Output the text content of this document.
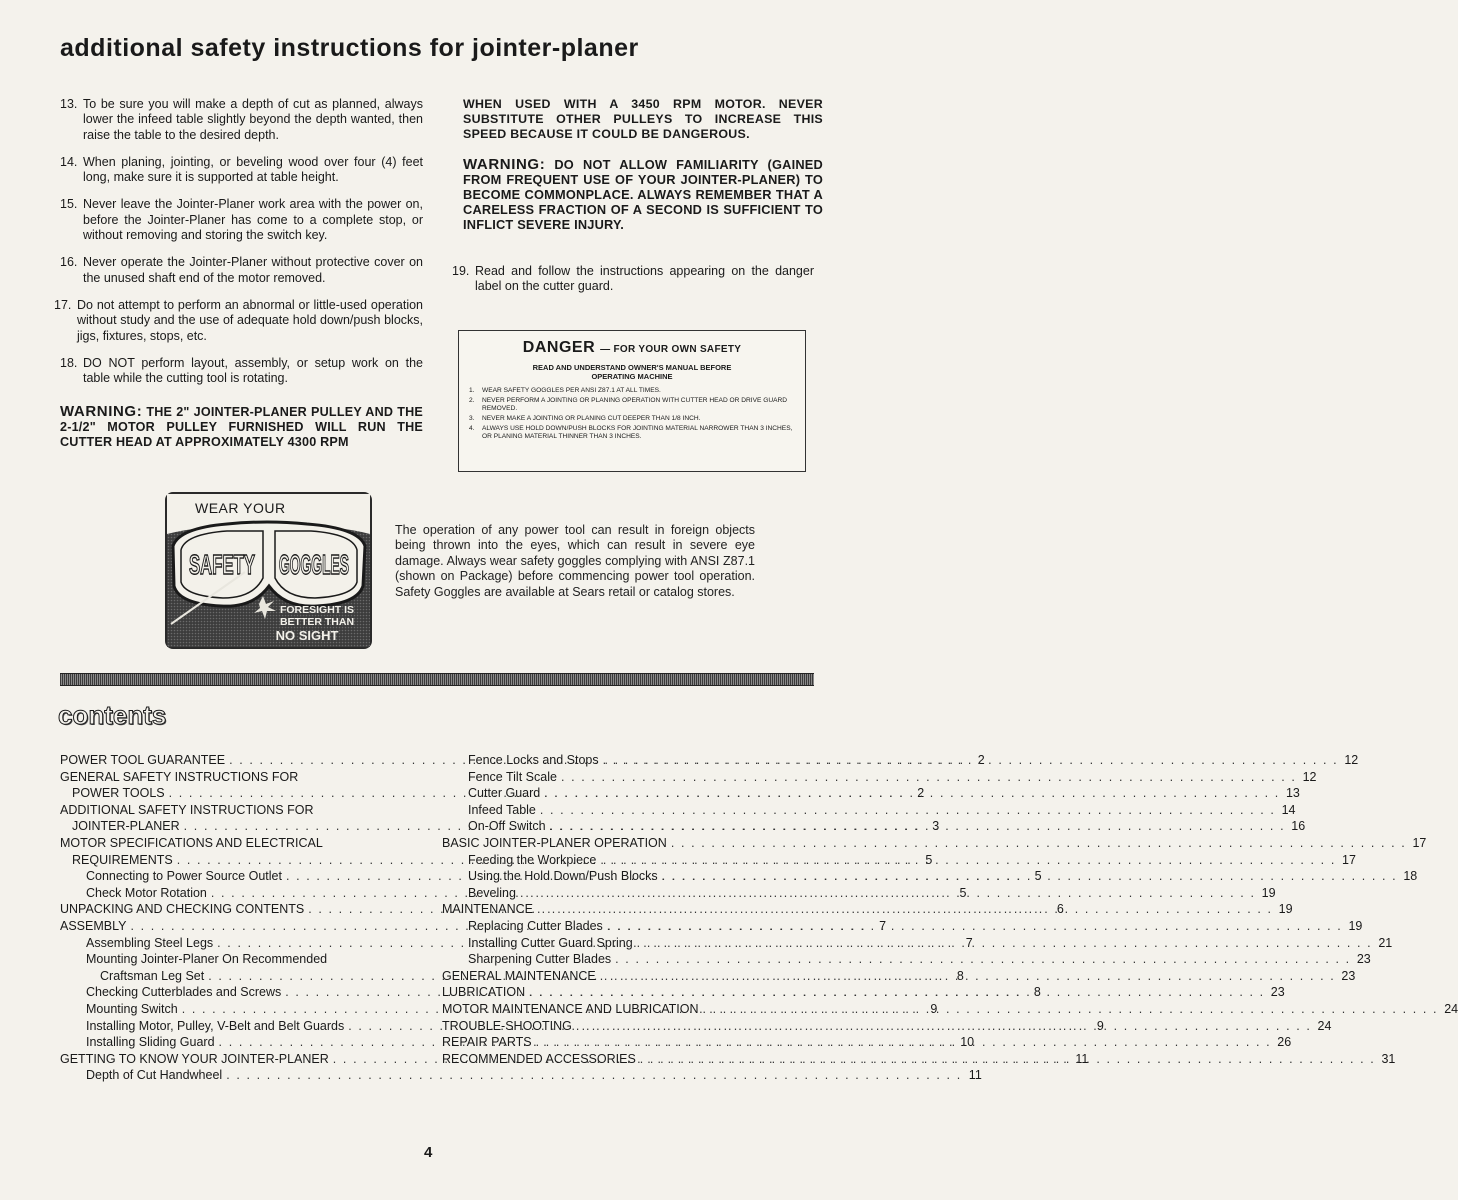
additional safety instructions for jointer-planer
13. To be sure you will make a depth of cut as planned, always lower the infeed table slightly beyond the depth wanted, then raise the table to the desired depth.
14. When planing, jointing, or beveling wood over four (4) feet long, make sure it is supported at table height.
15. Never leave the Jointer-Planer work area with the power on, before the Jointer-Planer has come to a complete stop, or without removing and storing the switch key.
16. Never operate the Jointer-Planer without protective cover on the unused shaft end of the motor removed.
17. Do not attempt to perform an abnormal or little-used operation without study and the use of adequate hold down/push blocks, jigs, fixtures, stops, etc.
18. DO NOT perform layout, assembly, or setup work on the table while the cutting tool is rotating.
WARNING: THE 2" JOINTER-PLANER PULLEY AND THE 2-1/2" MOTOR PULLEY FURNISHED WILL RUN THE CUTTER HEAD AT APPROXIMATELY 4300 RPM
WHEN USED WITH A 3450 RPM MOTOR. NEVER SUBSTITUTE OTHER PULLEYS TO INCREASE THIS SPEED BECAUSE IT COULD BE DANGEROUS.
WARNING: DO NOT ALLOW FAMILIARITY (GAINED FROM FREQUENT USE OF YOUR JOINTER-PLANER) TO BECOME COMMONPLACE. ALWAYS REMEMBER THAT A CARELESS FRACTION OF A SECOND IS SUFFICIENT TO INFLICT SEVERE INJURY.
19. Read and follow the instructions appearing on the danger label on the cutter guard.
DANGER — FOR YOUR OWN SAFETY
READ AND UNDERSTAND OWNER'S MANUAL BEFORE OPERATING MACHINE
1.	WEAR SAFETY GOGGLES PER ANSI Z87.1 AT ALL TIMES.
2.	NEVER PERFORM A JOINTING OR PLANING OPERATION WITH CUTTER HEAD OR DRIVE GUARD REMOVED.
3.	NEVER MAKE A JOINTING OR PLANING CUT DEEPER THAN 1/8 INCH.
4.	ALWAYS USE HOLD DOWN/PUSH BLOCKS FOR JOINTING MATERIAL NARROWER THAN 3 INCHES, OR PLANING MATERIAL THINNER THAN 3 INCHES.
SAFETY GOGGLES
FORESIGHT IS
BETTER THAN
NO SIGHT
WEAR YOUR
The operation of any power tool can result in foreign objects being thrown into the eyes, which can result in severe eye damage. Always wear safety goggles complying with ANSI Z87.1 (shown on Package) before commencing power tool operation. Safety Goggles are available at Sears retail or catalog stores.
contents
POWER TOOL GUARANTEE . . .	2
GENERAL SAFETY INSTRUCTIONS FOR
POWER TOOLS . . .	2
ADDITIONAL SAFETY INSTRUCTIONS FOR
JOINTER-PLANER . . .	3
MOTOR SPECIFICATIONS AND ELECTRICAL
REQUIREMENTS . . .	5
Connecting to Power Source Outlet . . .	5
Check Motor Rotation . . .	5
UNPACKING AND CHECKING CONTENTS . . .	6
ASSEMBLY . . .	7
Assembling Steel Legs . . .	7
Mounting Jointer-Planer On Recommended
Craftsman Leg Set . . .	8
Checking Cutterblades and Screws . . .	8
Mounting Switch . . .	9
Installing Motor, Pulley, V-Belt and Belt Guards . . .	9
Installing Sliding Guard . . .	10
GETTING TO KNOW YOUR JOINTER-PLANER . . .	11
Depth of Cut Handwheel . . .	11
Fence Locks and Stops . . .	12
Fence Tilt Scale . . .	12
Cutter Guard . . .	13
Infeed Table . . .	14
On-Off Switch . . .	16
BASIC JOINTER-PLANER OPERATION . . .	17
Feeding the Workpiece . . .	17
Using the Hold Down/Push Blocks . . .	18
Beveling . . .	19
MAINTENANCE . . .	19
Replacing Cutter Blades . . .	19
Installing Cutter Guard Spring . . .	21
Sharpening Cutter Blades . . .	23
GENERAL MAINTENANCE . . .	23
LUBRICATION . . .	23
MOTOR MAINTENANCE AND LUBRICATION . . .	24
TROUBLE-SHOOTING . . .	24
REPAIR PARTS . . .	26
RECOMMENDED ACCESSORIES . . .	31
4
